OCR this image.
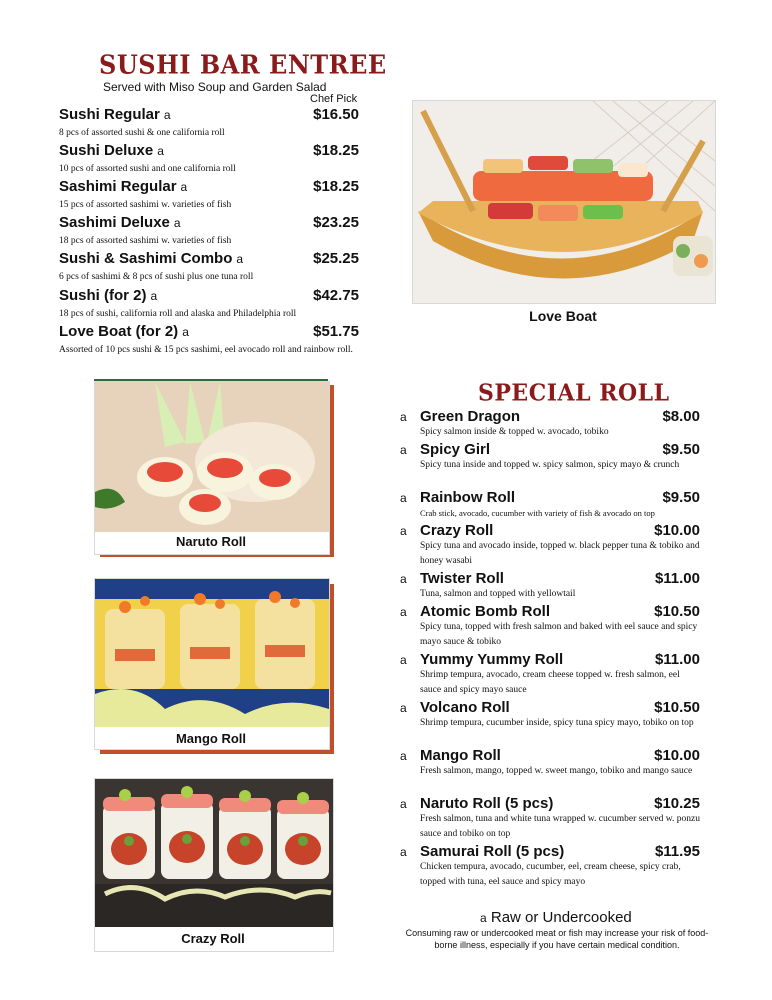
SUSHI BAR ENTREE
Served with Miso Soup and Garden Salad
Chef Pick
Sushi Regular a	$16.50
8 pcs of assorted sushi & one california roll
Sushi Deluxe a	$18.25
10 pcs of assorted sushi and one california roll
Sashimi Regular a	$18.25
15 pcs of assorted sashimi w. varieties of fish
Sashimi Deluxe a	$23.25
18 pcs of assorted sashimi w. varieties of fish
Sushi & Sashimi Combo a	$25.25
6 pcs of sashimi & 8 pcs of sushi plus one tuna roll
Sushi (for 2) a	$42.75
18 pcs of sushi, california roll and alaska and Philadelphia roll
Love Boat (for 2) a	$51.75
Assorted of 10 pcs sushi & 15 pcs sashimi, eel avocado roll and rainbow roll.
Love Boat
Naruto Roll
Mango Roll
Crazy Roll
SPECIAL ROLL
a Green Dragon	$8.00
Spicy salmon inside & topped w. avocado, tobiko
a Spicy Girl	$9.50
Spicy tuna inside and topped w. spicy salmon, spicy mayo & crunch
a Rainbow Roll	$9.50
Crab stick, avocado, cucumber with variety of fish & avocado on top
a Crazy Roll	$10.00
Spicy tuna and avocado inside, topped w. black pepper tuna & tobiko and honey wasabi
a Twister Roll	$11.00
Tuna, salmon and topped with yellowtail
a Atomic Bomb Roll	$10.50
Spicy tuna, topped with fresh salmon and baked with eel sauce and spicy mayo sauce & tobiko
a Yummy Yummy Roll	$11.00
Shrimp tempura, avocado, cream cheese topped w. fresh salmon, eel sauce and spicy mayo sauce
a Volcano Roll	$10.50
Shrimp tempura, cucumber inside, spicy tuna spicy mayo, tobiko on top
a Mango Roll	$10.00
Fresh salmon, mango, topped w. sweet mango, tobiko and mango sauce
a Naruto Roll (5 pcs)	$10.25
Fresh salmon, tuna and white tuna wrapped w. cucumber served w. ponzu sauce and tobiko on top
a Samurai Roll (5 pcs)	$11.95
Chicken tempura, avocado, cucumber, eel, cream cheese, spicy crab, topped with tuna, eel sauce and spicy mayo
a Raw or Undercooked
Consuming raw or undercooked meat or fish may increase your risk of food-borne illness, especially if you have certain medical condition.
